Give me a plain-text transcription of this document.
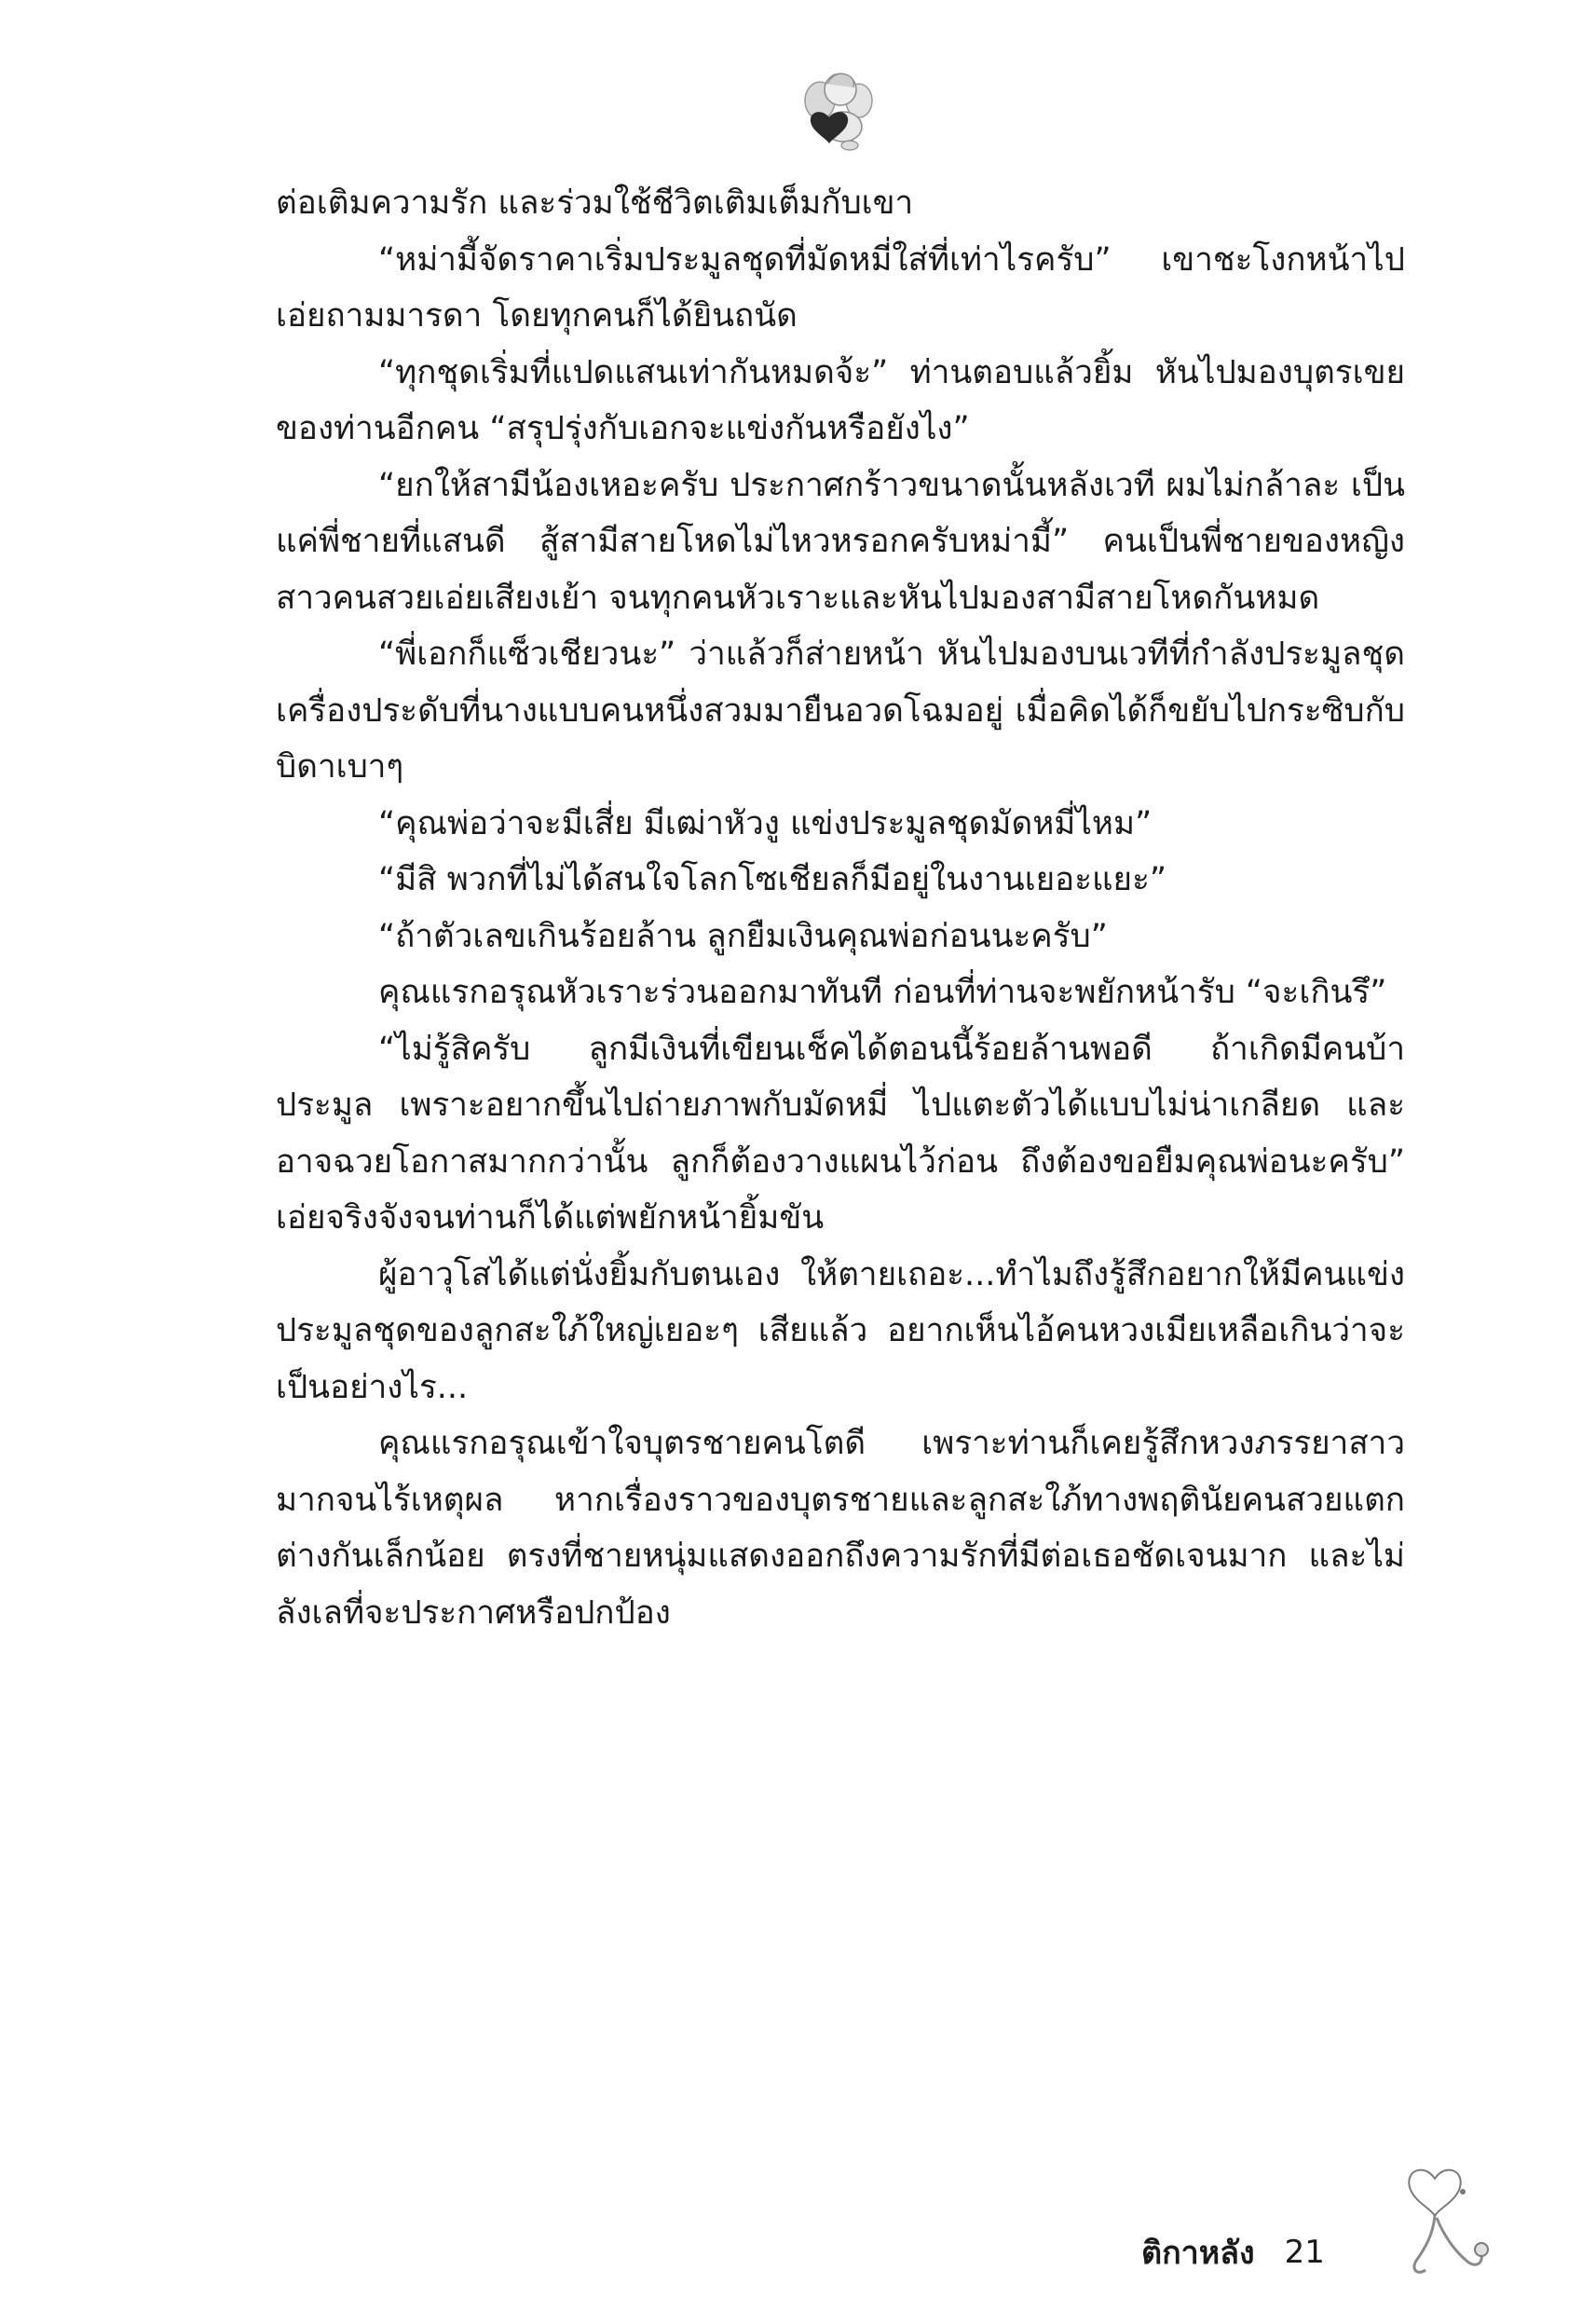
ต่อเติมความรัก และร่วมใช้ชีวิตเติมเต็มกับเขา

“หม่ามี้จัดราคาเริ่มประมูลชุดที่มัดหมี่ใส่ที่เท่าไรครับ” เขาชะโงกหน้าไปเอ่ยถามมารดา โดยทุกคนก็ได้ยินถนัด

“ทุกชุดเริ่มที่แปดแสนเท่ากันหมดจ้ะ” ท่านตอบแล้วยิ้ม หันไปมองบุตรเขยของท่านอีกคน “สรุปรุ่งกับเอกจะแข่งกันหรือยังไง”

“ยกให้สามีน้องเหอะครับ ประกาศกร้าวขนาดนั้นหลังเวที ผมไม่กล้าละ เป็นแค่พี่ชายที่แสนดี สู้สามีสายโหดไม่ไหวหรอกครับหม่ามี้” คนเป็นพี่ชายของหญิงสาวคนสวยเอ่ยเสียงเย้า จนทุกคนหัวเราะและหันไปมองสามีสายโหดกันหมด

“พี่เอกก็แซ็วเชียวนะ” ว่าแล้วก็ส่ายหน้า หันไปมองบนเวทีที่กำลังประมูลชุดเครื่องประดับที่นางแบบคนหนึ่งสวมมายืนอวดโฉมอยู่ เมื่อคิดได้ก็ขยับไปกระซิบกับบิดาเบาๆ

“คุณพ่อว่าจะมีเสี่ย มีเฒ่าหัวงู แข่งประมูลชุดมัดหมี่ไหม”

“มีสิ พวกที่ไม่ได้สนใจโลกโซเชียลก็มีอยู่ในงานเยอะแยะ”

“ถ้าตัวเลขเกินร้อยล้าน ลูกยืมเงินคุณพ่อก่อนนะครับ”

คุณแรกอรุณหัวเราะร่วนออกมาทันที ก่อนที่ท่านจะพยักหน้ารับ “จะเกินรึ”

“ไม่รู้สิครับ ลูกมีเงินที่เขียนเช็คได้ตอนนี้ร้อยล้านพอดี ถ้าเกิดมีคนบ้าประมูล เพราะอยากขึ้นไปถ่ายภาพกับมัดหมี่ ไปแตะตัวได้แบบไม่น่าเกลียด และอาจฉวยโอกาสมากกว่านั้น ลูกก็ต้องวางแผนไว้ก่อน ถึงต้องขอยืมคุณพ่อนะครับ” เอ่ยจริงจังจนท่านก็ได้แต่พยักหน้ายิ้มขัน

ผู้อาวุโสได้แต่นั่งยิ้มกับตนเอง ให้ตายเถอะ...ทำไมถึงรู้สึกอยากให้มีคนแข่งประมูลชุดของลูกสะใภ้ใหญ่เยอะๆ เสียแล้ว อยากเห็นไอ้คนหวงเมียเหลือเกินว่าจะเป็นอย่างไร...

คุณแรกอรุณเข้าใจบุตรชายคนโตดี เพราะท่านก็เคยรู้สึกหวงภรรยาสาวมากจนไร้เหตุผล หากเรื่องราวของบุตรชายและลูกสะใภ้ทางพฤตินัยคนสวยแตกต่างกันเล็กน้อย ตรงที่ชายหนุ่มแสดงออกถึงความรักที่มีต่อเธอชัดเจนมาก และไม่ลังเลที่จะประกาศหรือปกป้อง

ติกาหลัง 21
